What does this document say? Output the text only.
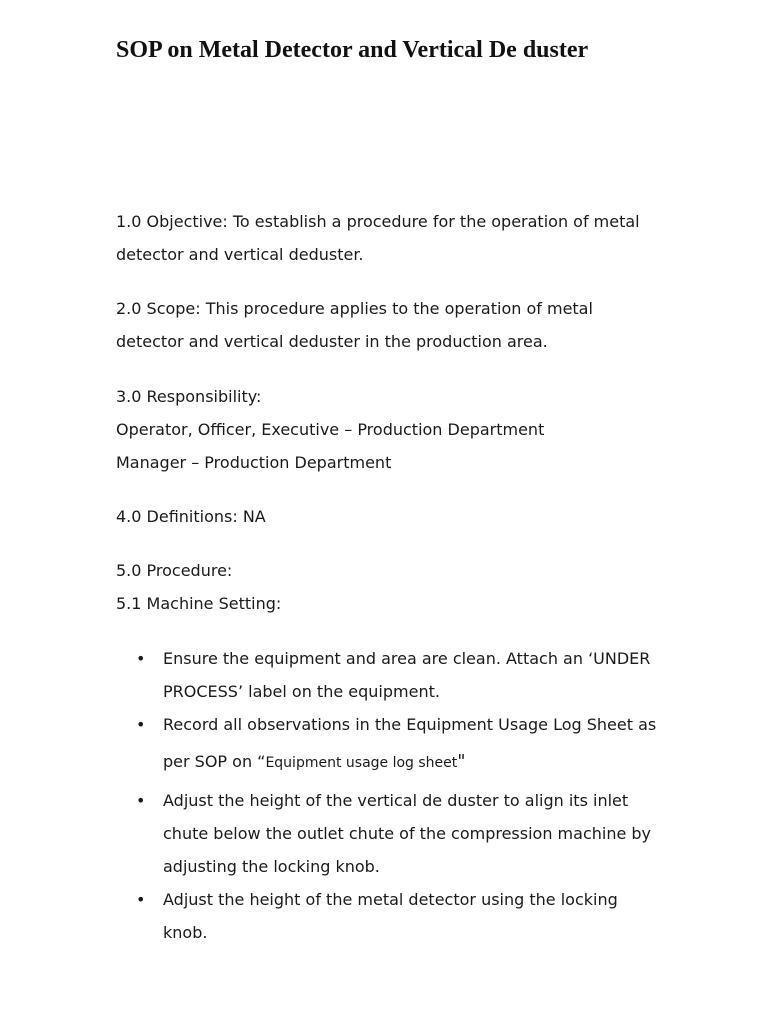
SOP on Metal Detector and Vertical De duster

1.0 Objective: To establish a procedure for the operation of metal
detector and vertical deduster.

2.0 Scope: This procedure applies to the operation of metal
detector and vertical deduster in the production area.

3.0 Responsibility:
Operator, Officer, Executive – Production Department
Manager – Production Department

4.0 Definitions: NA

5.0 Procedure:
5.1 Machine Setting:

• Ensure the equipment and area are clean. Attach an ‘UNDER
PROCESS’ label on the equipment.
• Record all observations in the Equipment Usage Log Sheet as
per SOP on “Equipment usage log sheet"
• Adjust the height of the vertical de duster to align its inlet
chute below the outlet chute of the compression machine by
adjusting the locking knob.
• Adjust the height of the metal detector using the locking
knob.
